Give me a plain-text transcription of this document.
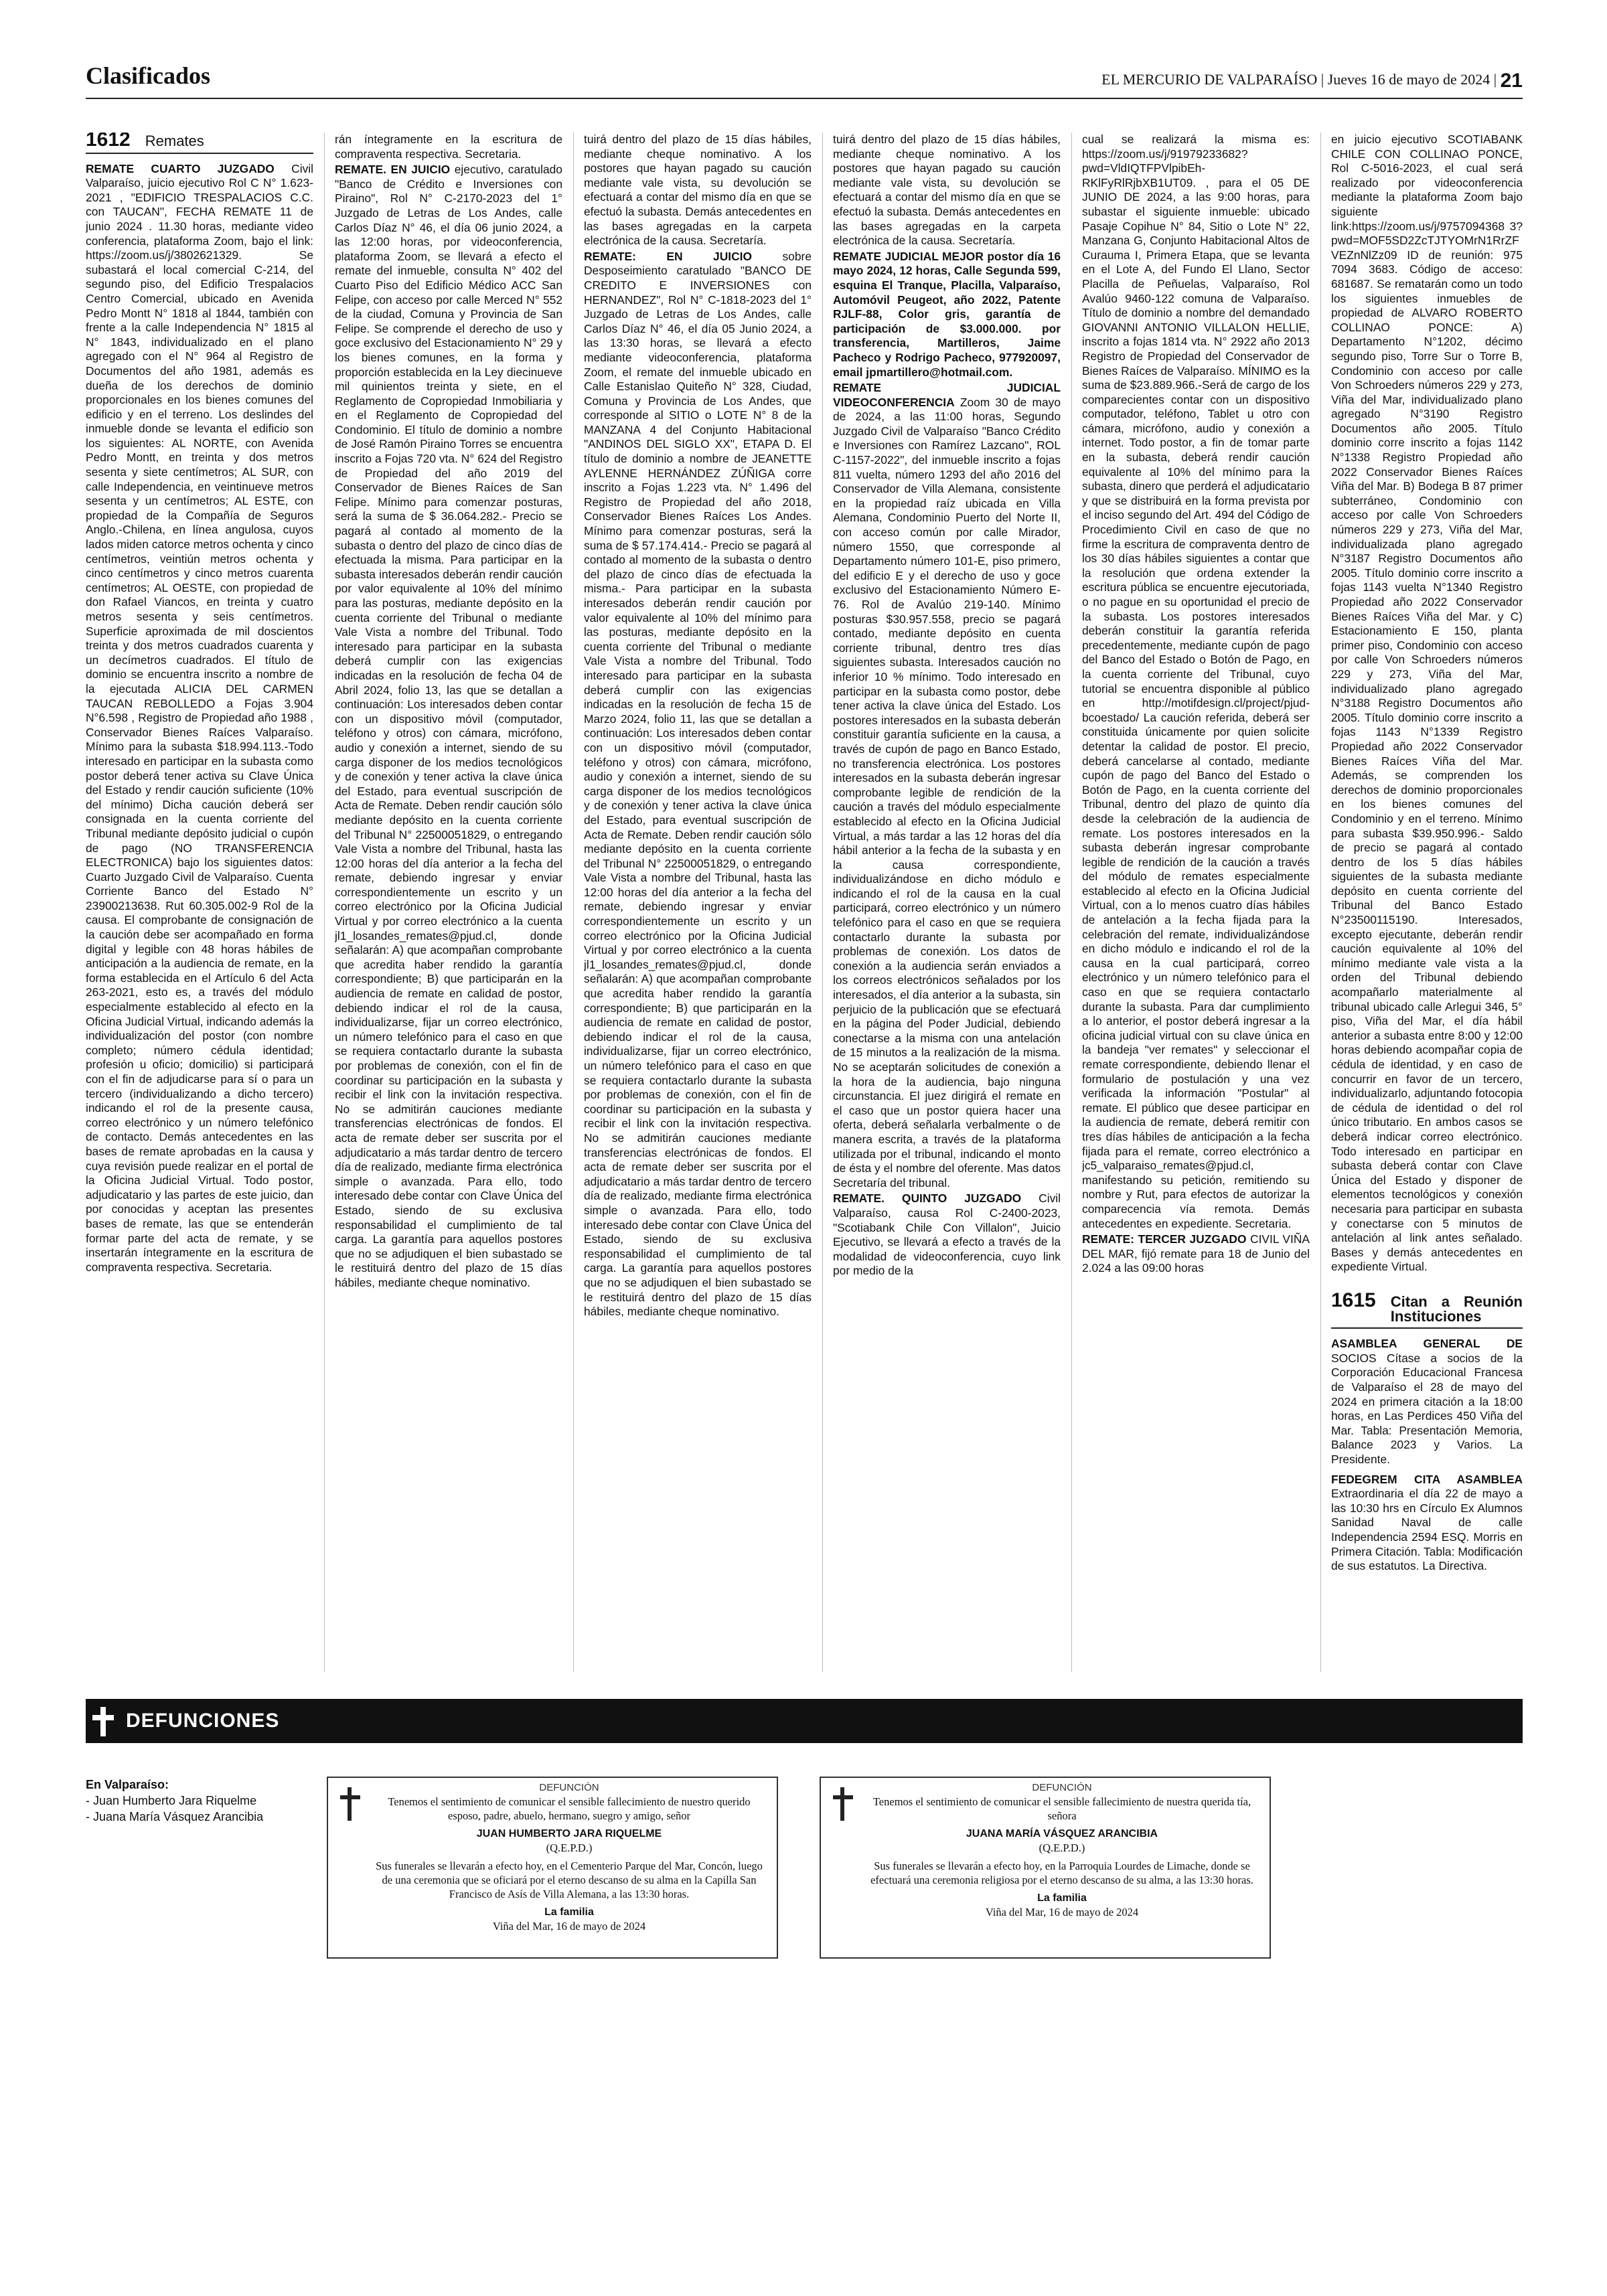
Clasificados	EL MERCURIO DE VALPARAÍSO | Jueves 16 de mayo de 2024 | 21
1612 Remates

REMATE CUARTO JUZGADO Civil Valparaíso, juicio ejecutivo Rol C N° 1.623-2021 , "EDIFICIO TRESPALACIOS C.C. con TAUCAN", FECHA REMATE 11 de junio 2024 . 11.30 horas, mediante video conferencia, plataforma Zoom, bajo el link: https://zoom.us/j/3802621329. Se subastará el local comercial C-214, del segundo piso, del Edificio Trespalacios Centro Comercial, ubicado en Avenida Pedro Montt N° 1818 al 1844, también con frente a la calle Independencia N° 1815 al N° 1843, individualizado en el plano agregado con el N° 964 al Registro de Documentos del año 1981, además es dueña de los derechos de dominio proporcionales en los bienes comunes del edificio y en el terreno. Los deslindes del inmueble donde se levanta el edificio son los siguientes: AL NORTE, con Avenida Pedro Montt, en treinta y dos metros sesenta y siete centímetros; AL SUR, con calle Independencia, en veintinueve metros sesenta y un centímetros; AL ESTE, con propiedad de la Compañía de Seguros Anglo.-Chilena, en línea angulosa, cuyos lados miden catorce metros ochenta y cinco centímetros, veintiún metros ochenta y cinco centímetros y cinco metros cuarenta centímetros; AL OESTE, con propiedad de don Rafael Viancos, en treinta y cuatro metros sesenta y seis centímetros. Superficie aproximada de mil doscientos treinta y dos metros cuadrados cuarenta y un decímetros cuadrados. El título de dominio se encuentra inscrito a nombre de la ejecutada ALICIA DEL CARMEN TAUCAN REBOLLEDO a Fojas 3.904 N°6.598 , Registro de Propiedad año 1988 , Conservador Bienes Raíces Valparaíso. Mínimo para la subasta $18.994.113.-Todo interesado en participar en la subasta como postor deberá tener activa su Clave Única del Estado y rendir caución suficiente (10% del mínimo) Dicha caución deberá ser consignada en la cuenta corriente del Tribunal mediante depósito judicial o cupón de pago (NO TRANSFERENCIA ELECTRONICA) bajo los siguientes datos: Cuarto Juzgado Civil de Valparaíso. Cuenta Corriente Banco del Estado N° 23900213638. Rut 60.305.002-9 Rol de la causa. El comprobante de consignación de la caución debe ser acompañado en forma digital y legible con 48 horas hábiles de anticipación a la audiencia de remate, en la forma establecida en el Artículo 6 del Acta 263-2021, esto es, a través del módulo especialmente establecido al efecto en la Oficina Judicial Virtual, indicando además la individualización del postor (con nombre completo; número cédula identidad; profesión u oficio; domicilio) si participará con el fin de adjudicarse para sí o para un tercero (individualizando a dicho tercero) indicando el rol de la presente causa, correo electrónico y un número telefónico de contacto. Demás antecedentes en las bases de remate aprobadas en la causa y cuya revisión puede realizar en el portal de la Oficina Judicial Virtual. Todo postor, adjudicatario y las partes de este juicio, dan por conocidas y aceptan las presentes bases de remate, las que se entenderán formar parte del acta de remate, y se insertarán íntegramente en la escritura de compraventa respectiva. Secretaria.

rán íntegramente en la escritura de compraventa respectiva. Secretaria.

REMATE. EN JUICIO ejecutivo, caratulado "Banco de Crédito e Inversiones con Piraino", Rol N° C-2170-2023 del 1° Juzgado de Letras de Los Andes, calle Carlos Díaz N° 46, el día 06 junio 2024, a las 12:00 horas, por videoconferencia, plataforma Zoom, se llevará a efecto el remate del inmueble, consulta N° 402 del Cuarto Piso del Edificio Médico ACC San Felipe, con acceso por calle Merced N° 552 de la ciudad, Comuna y Provincia de San Felipe. Se comprende el derecho de uso y goce exclusivo del Estacionamiento N° 29 y los bienes comunes, en la forma y proporción establecida en la Ley diecinueve mil quinientos treinta y siete, en el Reglamento de Copropiedad Inmobiliaria y en el Reglamento de Copropiedad del Condominio. El título de dominio a nombre de José Ramón Piraino Torres se encuentra inscrito a Fojas 720 vta. N° 624 del Registro de Propiedad del año 2019 del Conservador de Bienes Raíces de San Felipe. Mínimo para comenzar posturas, será la suma de $ 36.064.282.- Precio se pagará al contado al momento de la subasta o dentro del plazo de cinco días de efectuada la misma. Para participar en la subasta interesados deberán rendir caución por valor equivalente al 10% del mínimo para las posturas, mediante depósito en la cuenta corriente del Tribunal o mediante Vale Vista a nombre del Tribunal. Todo interesado para participar en la subasta deberá cumplir con las exigencias indicadas en la resolución de fecha 04 de Abril 2024, folio 13, las que se detallan a continuación: Los interesados deben contar con un dispositivo móvil (computador, teléfono y otros) con cámara, micrófono, audio y conexión a internet, siendo de su carga disponer de los medios tecnológicos y de conexión y tener activa la clave única del Estado, para eventual suscripción de Acta de Remate. Deben rendir caución sólo mediante depósito en la cuenta corriente del Tribunal N° 22500051829, o entregando Vale Vista a nombre del Tribunal, hasta las 12:00 horas del día anterior a la fecha del remate, debiendo ingresar y enviar correspondientemente un escrito y un correo electrónico por la Oficina Judicial Virtual y por correo electrónico a la cuenta jl1_losandes_remates@pjud.cl, donde señalarán: A) que acompañan comprobante que acredita haber rendido la garantía correspondiente; B) que participarán en la audiencia de remate en calidad de postor, debiendo indicar el rol de la causa, individualizarse, fijar un correo electrónico, un número telefónico para el caso en que se requiera contactarlo durante la subasta por problemas de conexión, con el fin de coordinar su participación en la subasta y recibir el link con la invitación respectiva. No se admitirán cauciones mediante transferencias electrónicas de fondos. El acta de remate deber ser suscrita por el adjudicatario a más tardar dentro de tercero día de realizado, mediante firma electrónica simple o avanzada. Para ello, todo interesado debe contar con Clave Única del Estado, siendo de su exclusiva responsabilidad el cumplimiento de tal carga. La garantía para aquellos postores que no se adjudiquen el bien subastado se le restituirá dentro del plazo de 15 días hábiles, mediante cheque nominativo.

tuirá dentro del plazo de 15 días hábiles, mediante cheque nominativo. A los postores que hayan pagado su caución mediante vale vista, su devolución se efectuará a contar del mismo día en que se efectuó la subasta. Demás antecedentes en las bases agregadas en la carpeta electrónica de la causa. Secretaría.

REMATE: EN JUICIO sobre Desposeimiento caratulado "BANCO DE CREDITO E INVERSIONES con HERNANDEZ", Rol N° C-1818-2023 del 1° Juzgado de Letras de Los Andes, calle Carlos Díaz N° 46, el día 05 Junio 2024, a las 13:30 horas, se llevará a efecto mediante videoconferencia, plataforma Zoom, el remate del inmueble ubicado en Calle Estanislao Quiteño N° 328, Ciudad, Comuna y Provincia de Los Andes, que corresponde al SITIO o LOTE N° 8 de la MANZANA 4 del Conjunto Habitacional "ANDINOS DEL SIGLO XX", ETAPA D. El título de dominio a nombre de JEANETTE AYLENNE HERNÁNDEZ ZÚÑIGA corre inscrito a Fojas 1.223 vta. N° 1.496 del Registro de Propiedad del año 2018, Conservador Bienes Raíces Los Andes. Mínimo para comenzar posturas, será la suma de $ 57.174.414.- Precio se pagará al contado al momento de la subasta o dentro del plazo de cinco días de efectuada la misma.- Para participar en la subasta interesados deberán rendir caución por valor equivalente al 10% del mínimo para las posturas, mediante depósito en la cuenta corriente del Tribunal o mediante Vale Vista a nombre del Tribunal. Todo interesado para participar en la subasta deberá cumplir con las exigencias indicadas en la resolución de fecha 15 de Marzo 2024, folio 11, las que se detallan a continuación: Los interesados deben contar con un dispositivo móvil (computador, teléfono y otros) con cámara, micrófono, audio y conexión a internet, siendo de su carga disponer de los medios tecnológicos y de conexión y tener activa la clave única del Estado, para eventual suscripción de Acta de Remate. Deben rendir caución sólo mediante depósito en la cuenta corriente del Tribunal N° 22500051829, o entregando Vale Vista a nombre del Tribunal, hasta las 12:00 horas del día anterior a la fecha del remate, debiendo ingresar y enviar correspondientemente un escrito y un correo electrónico por la Oficina Judicial Virtual y por correo electrónico a la cuenta jl1_losandes_remates@pjud.cl, donde señalarán: A) que acompañan comprobante que acredita haber rendido la garantía correspondiente; B) que participarán en la audiencia de remate en calidad de postor, debiendo indicar el rol de la causa, individualizarse, fijar un correo electrónico, un número telefónico para el caso en que se requiera contactarlo durante la subasta por problemas de conexión, con el fin de coordinar su participación en la subasta y recibir el link con la invitación respectiva. No se admitirán cauciones mediante transferencias electrónicas de fondos. El acta de remate deber ser suscrita por el adjudicatario a más tardar dentro de tercero día de realizado, mediante firma electrónica simple o avanzada. Para ello, todo interesado debe contar con Clave Única del Estado, siendo de su exclusiva responsabilidad el cumplimiento de tal carga. La garantía para aquellos postores que no se adjudiquen el bien subastado se le restituirá dentro del plazo de 15 días hábiles, mediante cheque nominativo.

tuirá dentro del plazo de 15 días hábiles, mediante cheque nominativo. A los postores que hayan pagado su caución mediante vale vista, su devolución se efectuará a contar del mismo día en que se efectuó la subasta. Demás antecedentes en las bases agregadas en la carpeta electrónica de la causa. Secretaría.

REMATE JUDICIAL MEJOR postor día 16 mayo 2024, 12 horas, Calle Segunda 599, esquina El Tranque, Placilla, Valparaíso, Automóvil Peugeot, año 2022, Patente RJLF-88, Color gris, garantía de participación de $3.000.000. por transferencia, Martilleros, Jaime Pacheco y Rodrigo Pacheco, 977920097, email jpmartillero@hotmail.com.

REMATE JUDICIAL VIDEOCONFERENCIA Zoom 30 de mayo de 2024, a las 11:00 horas, Segundo Juzgado Civil de Valparaíso "Banco Crédito e Inversiones con Ramírez Lazcano", ROL C-1157-2022", del inmueble inscrito a fojas 811 vuelta, número 1293 del año 2016 del Conservador de Villa Alemana, consistente en la propiedad raíz ubicada en Villa Alemana, Condominio Puerto del Norte II, con acceso común por calle Mirador, número 1550, que corresponde al Departamento número 101-E, piso primero, del edificio E y el derecho de uso y goce exclusivo del Estacionamiento Número E-76. Rol de Avalúo 219-140. Mínimo posturas $30.957.558, precio se pagará contado, mediante depósito en cuenta corriente tribunal, dentro tres días siguientes subasta. Interesados caución no inferior 10 % mínimo. Todo interesado en participar en la subasta como postor, debe tener activa la clave única del Estado. Los postores interesados en la subasta deberán constituir garantía suficiente en la causa, a través de cupón de pago en Banco Estado, no transferencia electrónica. Los postores interesados en la subasta deberán ingresar comprobante legible de rendición de la caución a través del módulo especialmente establecido al efecto en la Oficina Judicial Virtual, a más tardar a las 12 horas del día hábil anterior a la fecha de la subasta y en la causa correspondiente, individualizándose en dicho módulo e indicando el rol de la causa en la cual participará, correo electrónico y un número telefónico para el caso en que se requiera contactarlo durante la subasta por problemas de conexión. Los datos de conexión a la audiencia serán enviados a los correos electrónicos señalados por los interesados, el día anterior a la subasta, sin perjuicio de la publicación que se efectuará en la página del Poder Judicial, debiendo conectarse a la misma con una antelación de 15 minutos a la realización de la misma. No se aceptarán solicitudes de conexión a la hora de la audiencia, bajo ninguna circunstancia. El juez dirigirá el remate en el caso que un postor quiera hacer una oferta, deberá señalarla verbalmente o de manera escrita, a través de la plataforma utilizada por el tribunal, indicando el monto de ésta y el nombre del oferente. Mas datos Secretaría del tribunal.

REMATE. QUINTO JUZGADO Civil Valparaíso, causa Rol C-2400-2023, "Scotiabank Chile Con Villalon", Juicio Ejecutivo, se llevará a efecto a través de la modalidad de videoconferencia, cuyo link por medio de la

cual se realizará la misma es: https://zoom.us/j/91979233682?pwd=VldIQTFPVlpibEh-RKlFyRlRjbXB1UT09. , para el 05 DE JUNIO DE 2024, a las 9:00 horas, para subastar el siguiente inmueble: ubicado Pasaje Copihue N° 84, Sitio o Lote N° 22, Manzana G, Conjunto Habitacional Altos de Curaumа I, Primera Etapa, que se levanta en el Lote A, del Fundo El Llano, Sector Placilla de Peñuelas, Valparaíso, Rol Avalúo 9460-122 comuna de Valparaíso. Título de dominio a nombre del demandado GIOVANNI ANTONIO VILLALON HELLIE, inscrito a fojas 1814 vta. N° 2922 año 2013 Registro de Propiedad del Conservador de Bienes Raíces de Valparaíso. MÍNIMO es la suma de $23.889.966.-Será de cargo de los comparecientes contar con un dispositivo computador, teléfono, Tablet u otro con cámara, micrófono, audio y conexión a internet. Todo postor, a fin de tomar parte en la subasta, deberá rendir caución equivalente al 10% del mínimo para la subasta, dinero que perderá el adjudicatario y que se distribuirá en la forma prevista por el inciso segundo del Art. 494 del Código de Procedimiento Civil en caso de que no firme la escritura de compraventa dentro de los 30 días hábiles siguientes a contar que la resolución que ordena extender la escritura pública se encuentre ejecutoriada, o no pague en su oportunidad el precio de la subasta. Los postores interesados deberán constituir la garantía referida precedentemente, mediante cupón de pago del Banco del Estado o Botón de Pago, en la cuenta corriente del Tribunal, cuyo tutorial se encuentra disponible al público en http://motifdesign.cl/project/pjud-bcoestado/ La caución referida, deberá ser constituida únicamente por quien solicite detentar la calidad de postor. El precio, deberá cancelarse al contado, mediante cupón de pago del Banco del Estado o Botón de Pago, en la cuenta corriente del Tribunal, dentro del plazo de quinto día desde la celebración de la audiencia de remate. Los postores interesados en la subasta deberán ingresar comprobante legible de rendición de la caución a través del módulo de remates especialmente establecido al efecto en la Oficina Judicial Virtual, con a lo menos cuatro días hábiles de antelación a la fecha fijada para la celebración del remate, individualizándose en dicho módulo e indicando el rol de la causa en la cual participará, correo electrónico y un número telefónico para el caso en que se requiera contactarlo durante la subasta. Para dar cumplimiento a lo anterior, el postor deberá ingresar a la oficina judicial virtual con su clave única en la bandeja "ver remates" y seleccionar el remate correspondiente, debiendo llenar el formulario de postulación y una vez verificada la información "Postular" al remate. El público que desee participar en la audiencia de remate, deberá remitir con tres días hábiles de anticipación a la fecha fijada para el remate, correo electrónico a jc5_valparaiso_remates@pjud.cl, manifestando su petición, remitiendo su nombre y Rut, para efectos de autorizar la comparecencia vía remota. Demás antecedentes en expediente. Secretaria.

REMATE: TERCER JUZGADO CIVIL VIÑA DEL MAR, fijó remate para 18 de Junio del 2.024 a las 09:00 horas

en juicio ejecutivo SCOTIABANK CHILE CON COLLINAO PONCE, Rol C-5016-2023, el cual será realizado por videoconferencia mediante la plataforma Zoom bajo siguiente link:https://zoom.us/j/9757094368 3?pwd=MOF5SD2ZcTJTYOMrN1RrZF VEZnNlZz09 ID de reunión: 975 7094 3683. Código de acceso: 681687. Se rematarán como un todo los siguientes inmuebles de propiedad de ALVARO ROBERTO COLLINAO PONCE: A) Departamento N°1202, décimo segundo piso, Torre Sur o Torre B, Condominio con acceso por calle Von Schroeders números 229 y 273, Viña del Mar, individualizado plano agregado N°3190 Registro Documentos año 2005. Título dominio corre inscrito a fojas 1142 N°1338 Registro Propiedad año 2022 Conservador Bienes Raíces Viña del Mar. B) Bodega B 87 primer subterráneo, Condominio con acceso por calle Von Schroeders números 229 y 273, Viña del Mar, individualizada plano agregado N°3187 Registro Documentos año 2005. Título dominio corre inscrito a fojas 1143 vuelta N°1340 Registro Propiedad año 2022 Conservador Bienes Raíces Viña del Mar. y C) Estacionamiento E 150, planta primer piso, Condominio con acceso por calle Von Schroeders números 229 y 273, Viña del Mar, individualizado plano agregado N°3188 Registro Documentos año 2005. Título dominio corre inscrito a fojas 1143 N°1339 Registro Propiedad año 2022 Conservador Bienes Raíces Viña del Mar. Además, se comprenden los derechos de dominio proporcionales en los bienes comunes del Condominio y en el terreno. Mínimo para subasta $39.950.996.- Saldo de precio se pagará al contado dentro de los 5 días hábiles siguientes de la subasta mediante depósito en cuenta corriente del Tribunal del Banco Estado N°23500115190. Interesados, excepto ejecutante, deberán rendir caución equivalente al 10% del mínimo mediante vale vista a la orden del Tribunal debiendo acompañarlo materialmente al tribunal ubicado calle Arlegui 346, 5° piso, Viña del Mar, el día hábil anterior a subasta entre 8:00 y 12:00 horas debiendo acompañar copia de cédula de identidad, y en caso de concurrir en favor de un tercero, individualizarlo, adjuntando fotocopia de cédula de identidad o del rol único tributario. En ambos casos se deberá indicar correo electrónico. Todo interesado en participar en subasta deberá contar con Clave Única del Estado y disponer de elementos tecnológicos y conexión necesaria para participar en subasta y conectarse con 5 minutos de antelación al link antes señalado. Bases y demás antecedentes en expediente Virtual.

1615 Citan a Reunión Instituciones

ASAMBLEA GENERAL DE SOCIOS Cítase a socios de la Corporación Educacional Francesa de Valparaíso el 28 de mayo del 2024 en primera citación a la 18:00 horas, en Las Perdices 450 Viña del Mar. Tabla: Presentación Memoria, Balance 2023 y Varios. La Presidente.

FEDEGREM CITA ASAMBLEA Extraordinaria el día 22 de mayo a las 10:30 hrs en Círculo Ex Alumnos Sanidad Naval de calle Independencia 2594 ESQ. Morris en Primera Citación. Tabla: Modificación de sus estatutos. La Directiva.

DEFUNCIONES
En Valparaíso:
- Juan Humberto Jara Riquelme
- Juana María Vásquez Arancibia

DEFUNCIÓN

Tenemos el sentimiento de comunicar el sensible fallecimiento de nuestro querido esposo, padre, abuelo, hermano, suegro y amigo, señor

JUAN HUMBERTO JARA RIQUELME

(Q.E.P.D.)

Sus funerales se llevarán a efecto hoy, en el Cementerio Parque del Mar, Concón, luego de una ceremonia que se oficiará por el eterno descanso de su alma en la Capilla San Francisco de Asís de Villa Alemana, a las 13:30 horas.

La familia

Viña del Mar, 16 de mayo de 2024

DEFUNCIÓN

Tenemos el sentimiento de comunicar el sensible fallecimiento de nuestra querida tía, señora

JUANA MARÍA VÁSQUEZ ARANCIBIA

(Q.E.P.D.)

Sus funerales se llevarán a efecto hoy, en la Parroquia Lourdes de Limache, donde se efectuará una ceremonia religiosa por el eterno descanso de su alma, a las 13:30 horas.

La familia

Viña del Mar, 16 de mayo de 2024
